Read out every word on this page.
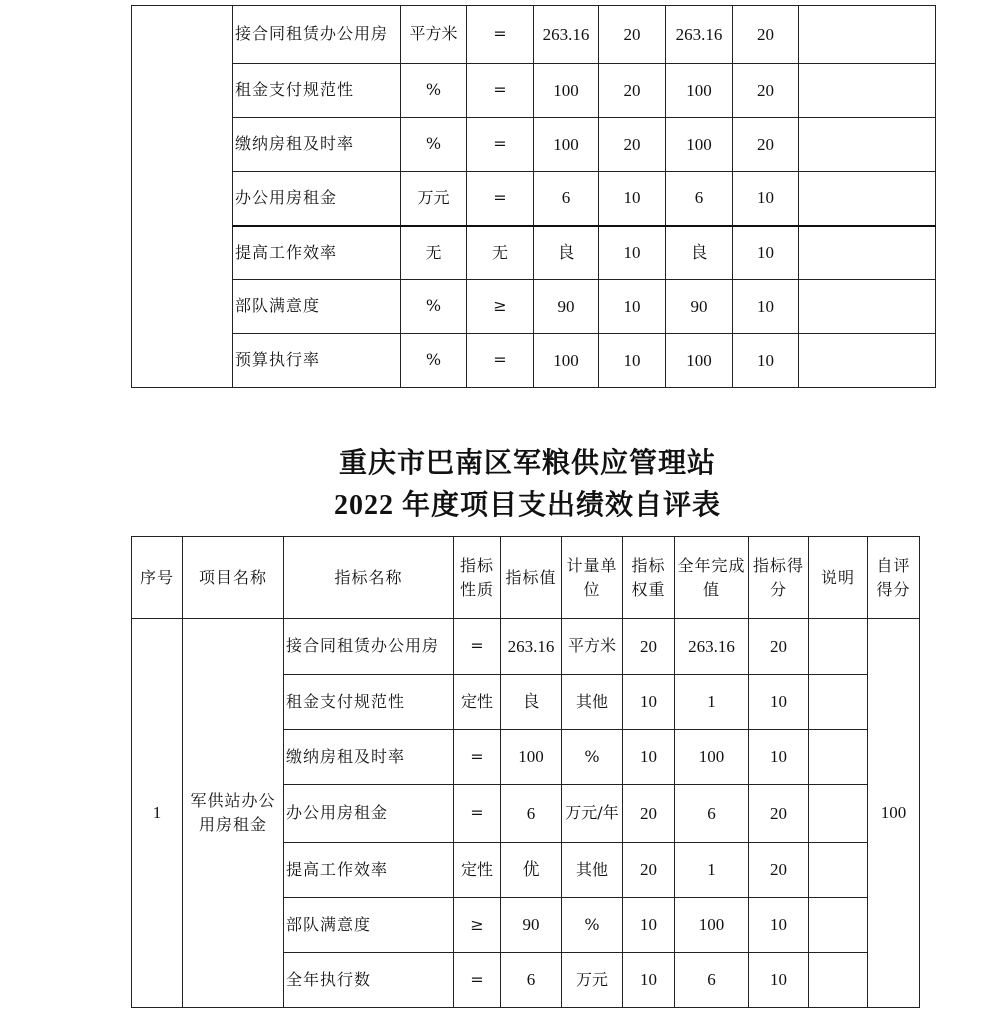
	接合同租赁办公用房	平方米	=	263.16	20	263.16	20	
	租金支付规范性	%	=	100	20	100	20	
	缴纳房租及时率	%	=	100	20	100	20	
	办公用房租金	万元	=	6	10	6	10	
	提高工作效率	无	无	良	10	良	10	
	部队满意度	%	≥	90	10	90	10	
	预算执行率	%	=	100	10	100	10	
重庆市巴南区军粮供应管理站
2022 年度项目支出绩效自评表
序号	项目名称	指标名称	指标性质	指标值	计量单位	指标权重	全年完成值	指标得分	说明	自评得分
1	军供站办公用房租金	接合同租赁办公用房	=	263.16	平方米	20	263.16	20		100
		租金支付规范性	定性	良	其他	10	1	10		
		缴纳房租及时率	=	100	%	10	100	10		
		办公用房租金	=	6	万元/年	20	6	20		
		提高工作效率	定性	优	其他	20	1	20		
		部队满意度	≥	90	%	10	100	10		
		全年执行数	=	6	万元	10	6	10		
